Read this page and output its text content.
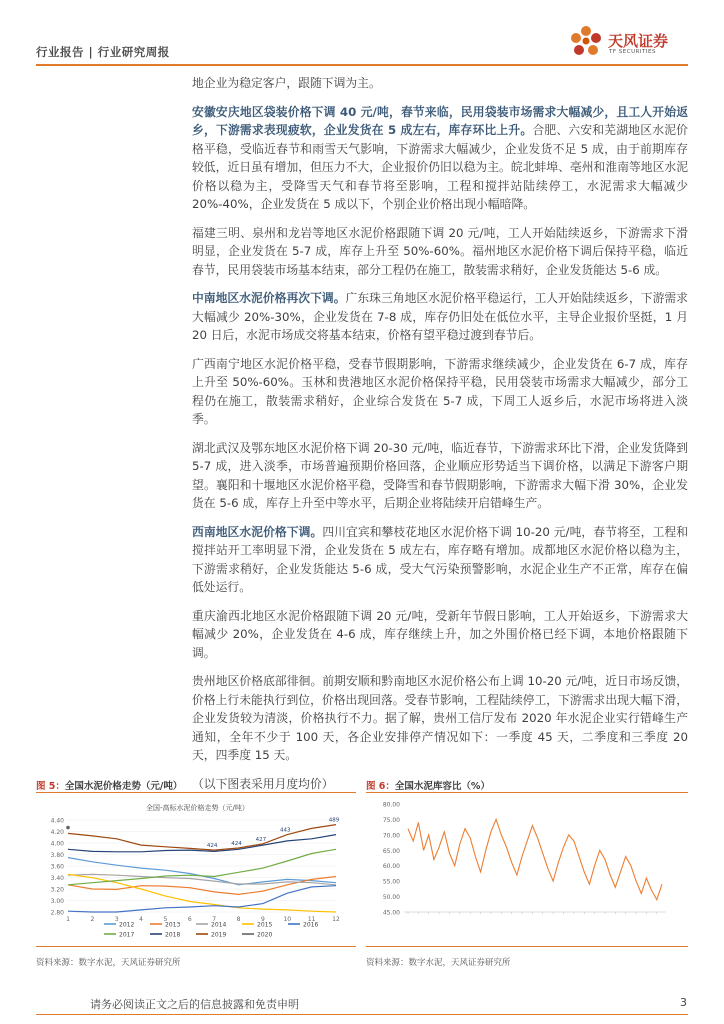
行业报告 | 行业研究周报
天风证券
TF SECURITIES

地企业为稳定客户，跟随下调为主。

安徽安庆地区袋装价格下调 40 元/吨，春节来临，民用袋装市场需求大幅减少，且工人开始返乡，下游需求表现疲软，企业发货在 5 成左右，库存环比上升。合肥、六安和芜湖地区水泥价格平稳，受临近春节和雨雪天气影响，下游需求大幅减少，企业发货不足 5 成，由于前期库存较低，近日虽有增加，但压力不大，企业报价仍旧以稳为主。皖北蚌埠、亳州和淮南等地区水泥价格以稳为主，受降雪天气和春节将至影响，工程和搅拌站陆续停工，水泥需求大幅减少 20%-40%，企业发货在 5 成以下，个别企业价格出现小幅暗降。

福建三明、泉州和龙岩等地区水泥价格跟随下调 20 元/吨，工人开始陆续返乡，下游需求下滑明显，企业发货在 5-7 成，库存上升至 50%-60%。福州地区水泥价格下调后保持平稳，临近春节，民用袋装市场基本结束，部分工程仍在施工，散装需求稍好，企业发货能达 5-6 成。

中南地区水泥价格再次下调。广东珠三角地区水泥价格平稳运行，工人开始陆续返乡，下游需求大幅减少 20%-30%，企业发货在 7-8 成，库存仍旧处在低位水平，主导企业报价坚挺，1 月 20 日后，水泥市场成交将基本结束，价格有望平稳过渡到春节后。

广西南宁地区水泥价格平稳，受春节假期影响，下游需求继续减少，企业发货在 6-7 成，库存上升至 50%-60%。玉林和贵港地区水泥价格保持平稳，民用袋装市场需求大幅减少，部分工程仍在施工，散装需求稍好，企业综合发货在 5-7 成，下周工人返乡后，水泥市场将进入淡季。

湖北武汉及鄂东地区水泥价格下调 20-30 元/吨，临近春节，下游需求环比下滑，企业发货降到 5-7 成，进入淡季，市场普遍预期价格回落，企业顺应形势适当下调价格，以满足下游客户期望。襄阳和十堰地区水泥价格平稳，受降雪和春节假期影响，下游需求大幅下滑 30%，企业发货在 5-6 成，库存上升至中等水平，后期企业将陆续开启错峰生产。

西南地区水泥价格下调。四川宜宾和攀枝花地区水泥价格下调 10-20 元/吨，春节将至，工程和搅拌站开工率明显下滑，企业发货在 5 成左右，库存略有增加。成都地区水泥价格以稳为主，下游需求稍好，企业发货能达 5-6 成，受大气污染预警影响，水泥企业生产不正常，库存在偏低处运行。

重庆渝西北地区水泥价格跟随下调 20 元/吨，受新年节假日影响，工人开始返乡，下游需求大幅减少 20%，企业发货在 4-6 成，库存继续上升，加之外围价格已经下调，本地价格跟随下调。

贵州地区价格底部徘徊。前期安顺和黔南地区水泥价格公布上调 10-20 元/吨，近日市场反馈，价格上行未能执行到位，价格出现回落。受春节影响，工程陆续停工，下游需求出现大幅下滑，企业发货较为清淡，价格执行不力。据了解，贵州工信厅发布 2020 年水泥企业实行错峰生产通知，全年不少于 100 天，各企业安排停产情况如下：一季度 45 天，二季度和三季度 20 天，四季度 15 天。

（以下图表采用月度均价）
图 5：全国水泥价格走势（元/吨）
全国-高标水泥价格走势（元/吨）
2.80
3.00
3.20
3.40
3.60
3.80
4.00
4.20
4.40
1	2	3	4	5	6	7	8	9	10	11	12
424	424
427
443
489
2012	2013	2014	2015	2016
2017	2018	2019	2020
资料来源：数字水泥，天风证券研究所
图 6：全国水泥库容比（%）
45.00
50.00
55.00
60.00
65.00
70.00
75.00
80.00
资料来源：数字水泥，天风证券研究所
请务必阅读正文之后的信息披露和免责申明	3
